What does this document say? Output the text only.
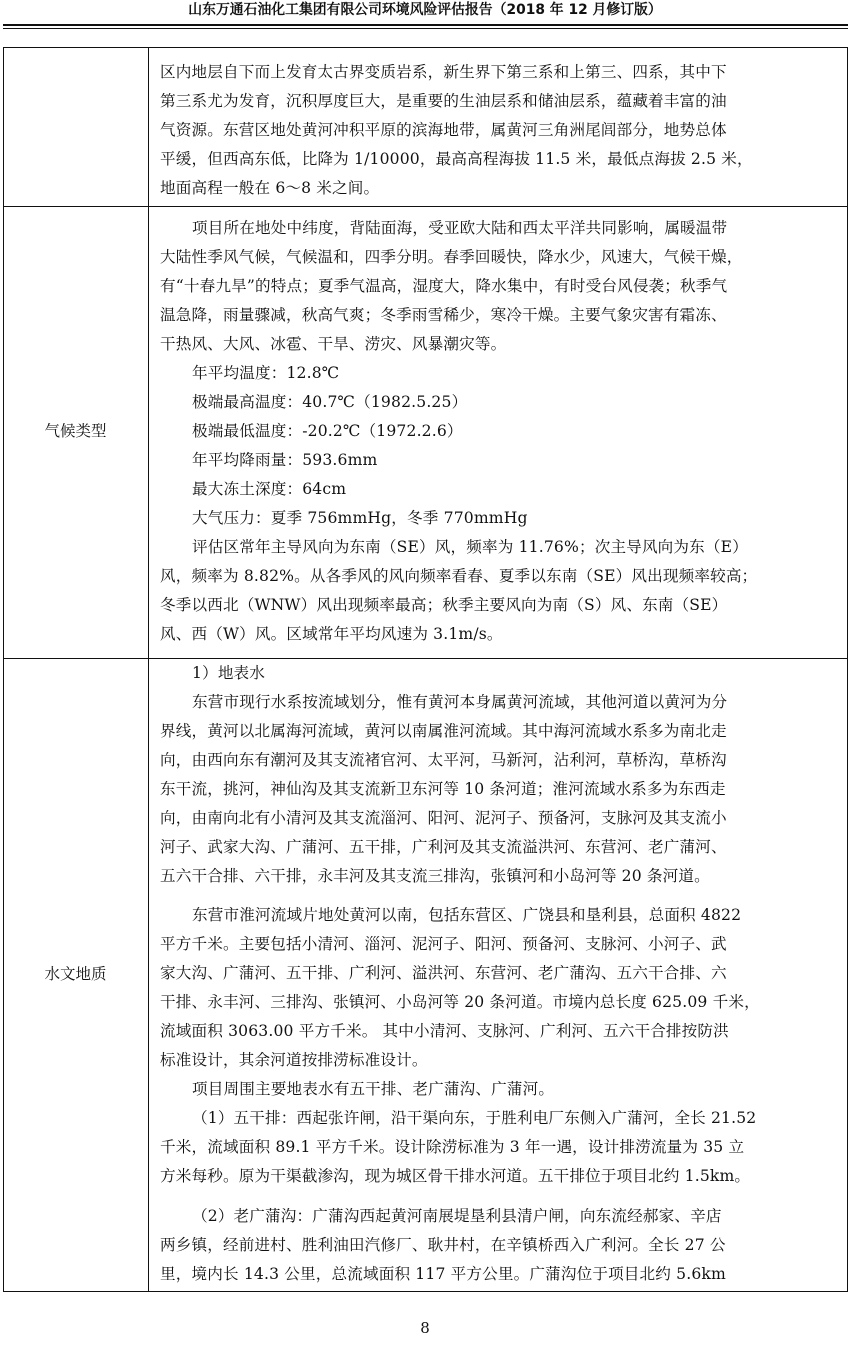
山东万通石油化工集团有限公司环境风险评估报告（2018 年 12 月修订版）
区内地层自下而上发育太古界变质岩系，新生界下第三系和上第三、四系，其中下
第三系尤为发育，沉积厚度巨大，是重要的生油层系和储油层系，蕴藏着丰富的油
气资源。东营区地处黄河冲积平原的滨海地带，属黄河三角洲尾闾部分，地势总体
平缓，但西高东低，比降为 1/10000，最高高程海拔 11.5 米，最低点海拔 2.5 米，
地面高程一般在 6～8 米之间。
气候类型
项目所在地处中纬度，背陆面海，受亚欧大陆和西太平洋共同影响，属暖温带
大陆性季风气候，气候温和，四季分明。春季回暖快，降水少，风速大，气候干燥，
有“十春九旱”的特点；夏季气温高，湿度大，降水集中，有时受台风侵袭；秋季气
温急降，雨量骤减，秋高气爽；冬季雨雪稀少，寒冷干燥。主要气象灾害有霜冻、
干热风、大风、冰雹、干旱、涝灾、风暴潮灾等。
年平均温度：12.8℃
极端最高温度：40.7℃（1982.5.25）
极端最低温度：-20.2℃（1972.2.6）
年平均降雨量：593.6mm
最大冻土深度：64cm
大气压力：夏季 756mmHg，冬季 770mmHg
评估区常年主导风向为东南（SE）风，频率为 11.76%；次主导风向为东（E）
风，频率为 8.82%。从各季风的风向频率看春、夏季以东南（SE）风出现频率较高；
冬季以西北（WNW）风出现频率最高；秋季主要风向为南（S）风、东南（SE）
风、西（W）风。区域常年平均风速为 3.1m/s。
水文地质
1）地表水
东营市现行水系按流域划分，惟有黄河本身属黄河流域，其他河道以黄河为分
界线，黄河以北属海河流域，黄河以南属淮河流域。其中海河流域水系多为南北走
向，由西向东有潮河及其支流褚官河、太平河，马新河，沾利河，草桥沟，草桥沟
东干流，挑河，神仙沟及其支流新卫东河等 10 条河道；淮河流域水系多为东西走
向，由南向北有小清河及其支流淄河、阳河、泥河子、预备河，支脉河及其支流小
河子、武家大沟、广蒲河、五干排，广利河及其支流溢洪河、东营河、老广蒲河、
五六干合排、六干排，永丰河及其支流三排沟，张镇河和小岛河等 20 条河道。
东营市淮河流域片地处黄河以南，包括东营区、广饶县和垦利县，总面积 4822
平方千米。主要包括小清河、淄河、泥河子、阳河、预备河、支脉河、小河子、武
家大沟、广蒲河、五干排、广利河、溢洪河、东营河、老广蒲沟、五六干合排、六
干排、永丰河、三排沟、张镇河、小岛河等 20 条河道。市境内总长度 625.09 千米，
流域面积 3063.00 平方千米。 其中小清河、支脉河、广利河、五六干合排按防洪
标准设计，其余河道按排涝标准设计。
项目周围主要地表水有五干排、老广蒲沟、广蒲河。
（1）五干排：西起张许闸，沿干渠向东，于胜利电厂东侧入广蒲河，全长 21.52
千米，流域面积 89.1 平方千米。设计除涝标准为 3 年一遇，设计排涝流量为 35 立
方米每秒。原为干渠截渗沟，现为城区骨干排水河道。五干排位于项目北约 1.5km。
（2）老广蒲沟：广蒲沟西起黄河南展堤垦利县清户闸，向东流经郝家、辛店
两乡镇，经前进村、胜利油田汽修厂、耿井村，在辛镇桥西入广利河。全长 27 公
里，境内长 14.3 公里，总流域面积 117 平方公里。广蒲沟位于项目北约 5.6km
8
